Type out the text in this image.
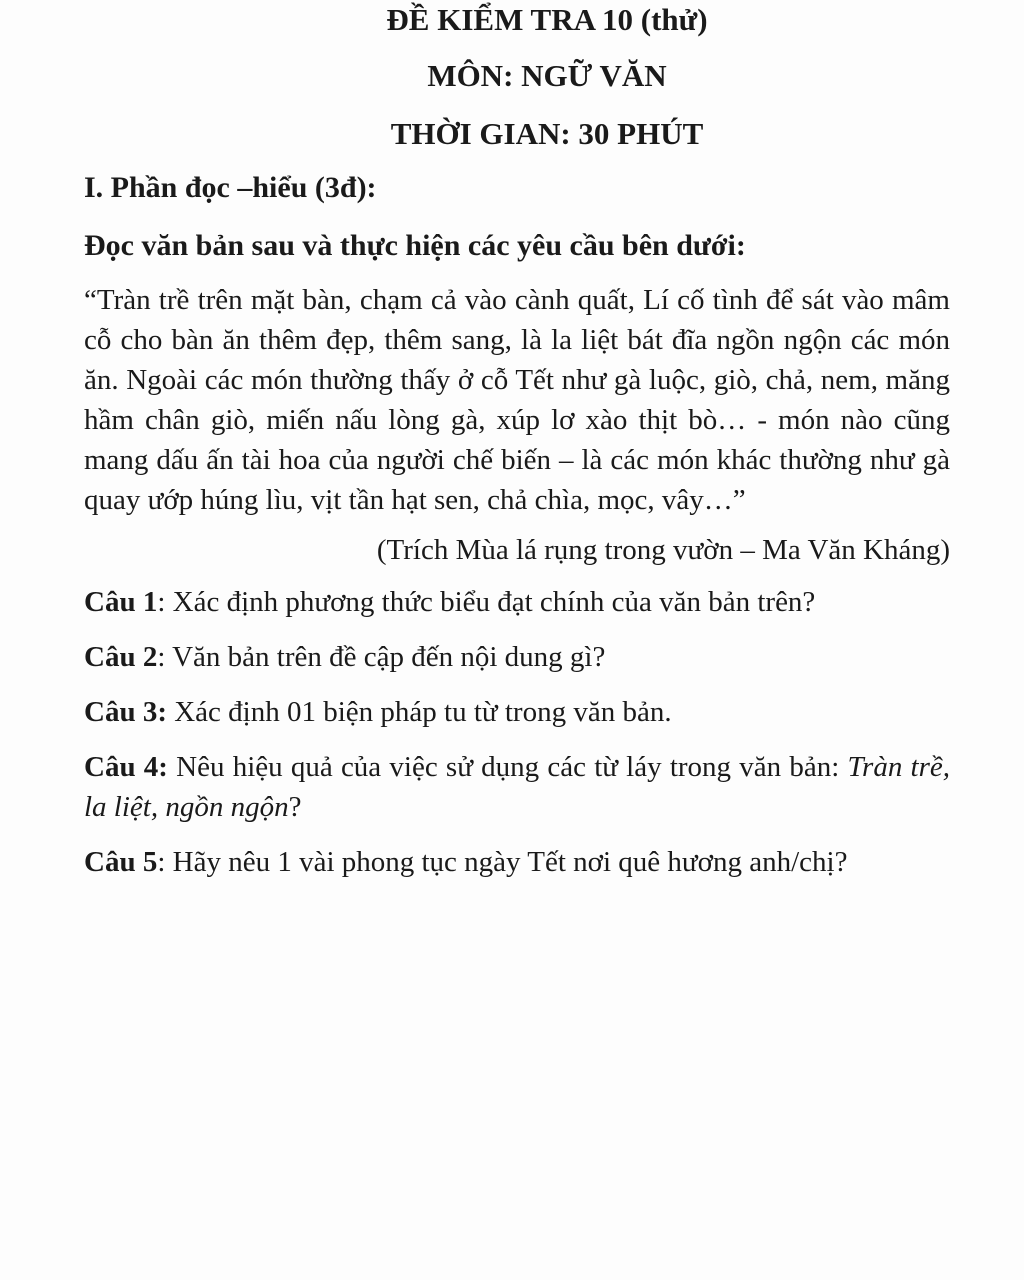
ĐỀ KIỂM TRA 10 (thử)
MÔN: NGỮ VĂN
THỜI GIAN: 30 PHÚT

I. Phần đọc –hiểu (3đ):

Đọc văn bản sau và thực hiện các yêu cầu bên dưới:

“Tràn trề trên mặt bàn, chạm cả vào cành quất, Lí cố tình để sát vào mâm cỗ cho bàn ăn thêm đẹp, thêm sang, là la liệt bát đĩa ngồn ngộn các món ăn. Ngoài các món thường thấy ở cỗ Tết như gà luộc, giò, chả, nem, măng hầm chân giò, miến nấu lòng gà, xúp lơ xào thịt bò… - món nào cũng mang dấu ấn tài hoa của người chế biến – là các món khác thường như gà quay ướp húng lìu, vịt tần hạt sen, chả chìa, mọc, vây…”

(Trích Mùa lá rụng trong vườn – Ma Văn Kháng)

Câu 1: Xác định phương thức biểu đạt chính của văn bản trên?

Câu 2: Văn bản trên đề cập đến nội dung gì?

Câu 3: Xác định 01 biện pháp tu từ trong văn bản.

Câu 4: Nêu hiệu quả của việc sử dụng các từ láy trong văn bản: Tràn trề, la liệt, ngồn ngộn?

Câu 5: Hãy nêu 1 vài phong tục ngày Tết nơi quê hương anh/chị?
